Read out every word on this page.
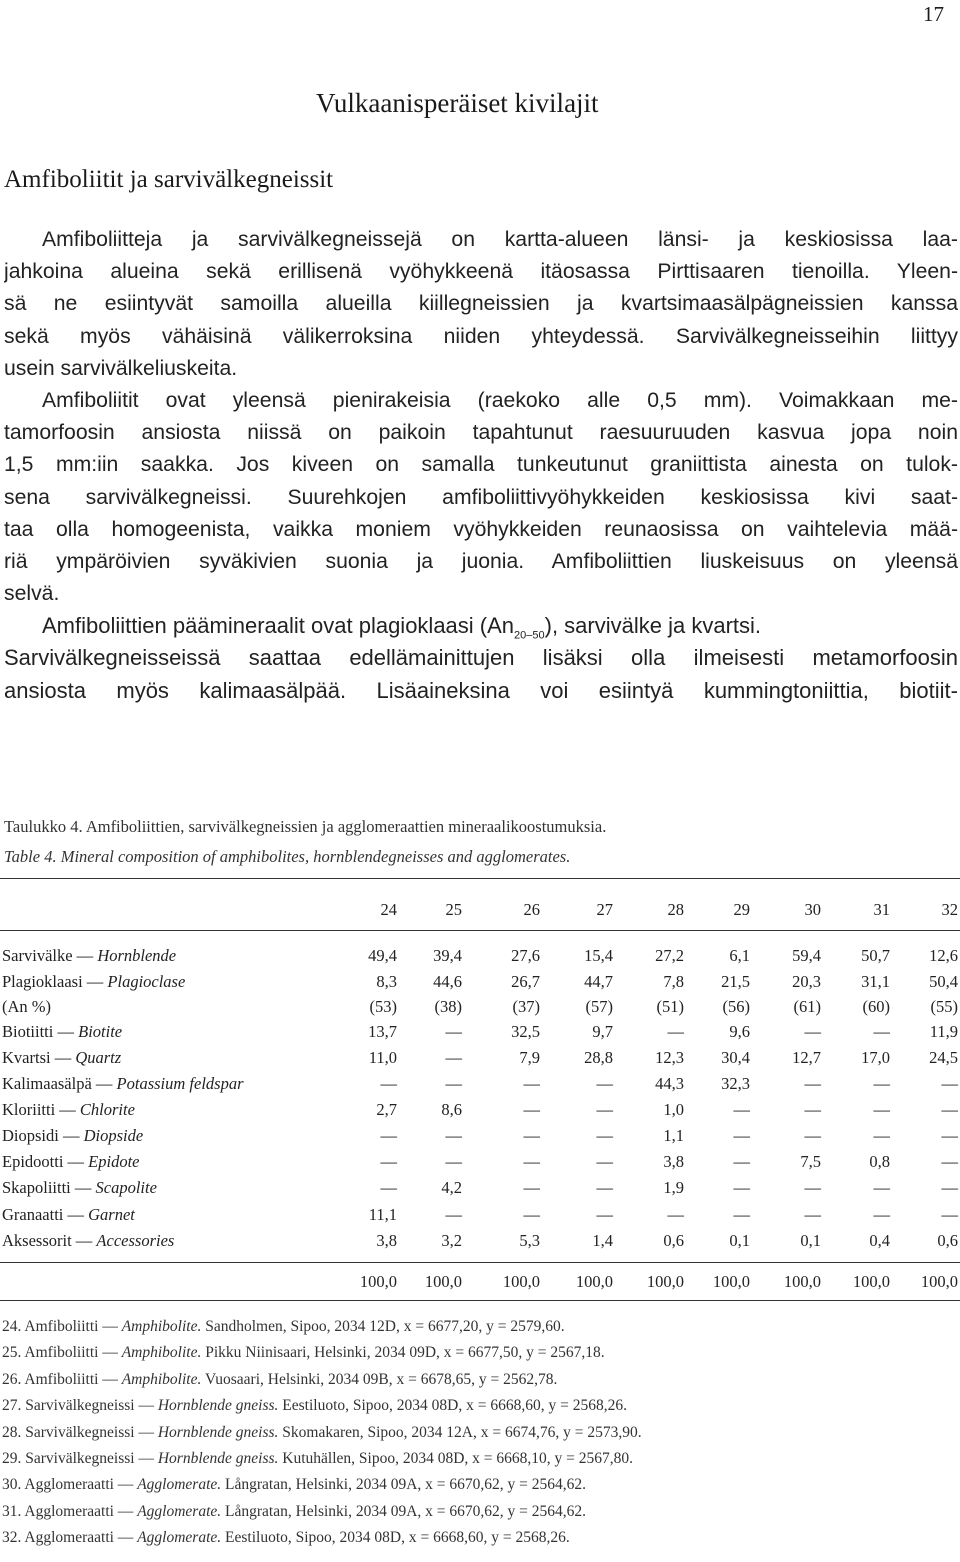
17
Vulkaanisperäiset kivilajit
Amfiboliitit ja sarvivälkegneissit
Amfiboliitteja ja sarvivälkegneissejä on kartta-alueen länsi- ja keskiosissa laa-
jahkoina alueina sekä erillisenä vyöhykkeenä itäosassa Pirttisaaren tienoilla. Yleen-
sä ne esiintyvät samoilla alueilla kiillegneissien ja kvartsimaasälpägneissien kanssa
sekä myös vähäisinä välikerroksina niiden yhteydessä. Sarvivälkegneisseihin liittyy
usein sarvivälkeliuskeita.
Amfiboliitit ovat yleensä pienirakeisia (raekoko alle 0,5 mm). Voimakkaan me-
tamorfoosin ansiosta niissä on paikoin tapahtunut raesuuruuden kasvua jopa noin
1,5 mm:iin saakka. Jos kiveen on samalla tunkeutunut graniittista ainesta on tulok-
sena sarvivälkegneissi. Suurehkojen amfiboliittivyöhykkeiden keskiosissa kivi saat-
taa olla homogeenista, vaikka moniem vyöhykkeiden reunaosissa on vaihtelevia mää-
riä ympäröivien syväkivien suonia ja juonia. Amfiboliittien liuskeisuus on yleensä
selvä.
Amfiboliittien päämineraalit ovat plagioklaasi $(An_{20-50})$, sarvivälke ja kvartsi.
Sarvivälkegneisseissä saattaa edellämainittujen lisäksi olla ilmeisesti metamorfoosin
ansiosta myös kalimaasälpää. Lisäaineksina voi esiintyä kummingtoniittia, biotiit-
Taulukko 4. Amfiboliittien, sarvivälkegneissien ja agglomeraattien mineraalikoostumuksia.
Table 4. Mineral composition of amphibolites, hornblendegneisses and agglomerates.
24	25	26	27	28	29	30	31	32
Sarvivälke — Hornblende	49,4	39,4	27,6	15,4	27,2	6,1	59,4	50,7	12,6
Plagioklaasi — Plagioclase	8,3	44,6	26,7	44,7	7,8	21,5	20,3	31,1	50,4
(An %)	(53)	(38)	(37)	(57)	(51)	(56)	(61)	(60)	(55)
Biotiitti — Biotite	13,7	—	32,5	9,7	—	9,6	—	—	11,9
Kvartsi — Quartz	11,0	—	7,9	28,8	12,3	30,4	12,7	17,0	24,5
Kalimaasälpä — Potassium feldspar	—	—	—	—	44,3	32,3	—	—	—
Kloriitti — Chlorite	2,7	8,6	—	—	1,0	—	—	—	—
Diopsidi — Diopside	—	—	—	—	1,1	—	—	—	—
Epidootti — Epidote	—	—	—	—	3,8	—	7,5	0,8	—
Skapoliitti — Scapolite	—	4,2	—	—	1,9	—	—	—	—
Granaatti — Garnet	11,1	—	—	—	—	—	—	—	—
Aksessorit — Accessories	3,8	3,2	5,3	1,4	0,6	0,1	0,1	0,4	0,6
100,0	100,0	100,0	100,0	100,0	100,0	100,0	100,0	100,0
24. Amfiboliitti — Amphibolite. Sandholmen, Sipoo, 2034 12D, x = 6677,20, y = 2579,60.
25. Amfiboliitti — Amphibolite. Pikku Niinisaari, Helsinki, 2034 09D, x = 6677,50, y = 2567,18.
26. Amfiboliitti — Amphibolite. Vuosaari, Helsinki, 2034 09B, x = 6678,65, y = 2562,78.
27. Sarvivälkegneissi — Hornblende gneiss. Eestiluoto, Sipoo, 2034 08D, x = 6668,60, y = 2568,26.
28. Sarvivälkegneissi — Hornblende gneiss. Skomakaren, Sipoo, 2034 12A, x = 6674,76, y = 2573,90.
29. Sarvivälkegneissi — Hornblende gneiss. Kutuhällen, Sipoo, 2034 08D, x = 6668,10, y = 2567,80.
30. Agglomeraatti — Agglomerate. Långratan, Helsinki, 2034 09A, x = 6670,62, y = 2564,62.
31. Agglomeraatti — Agglomerate. Långratan, Helsinki, 2034 09A, x = 6670,62, y = 2564,62.
32. Agglomeraatti — Agglomerate. Eestiluoto, Sipoo, 2034 08D, x = 6668,60, y = 2568,26.
